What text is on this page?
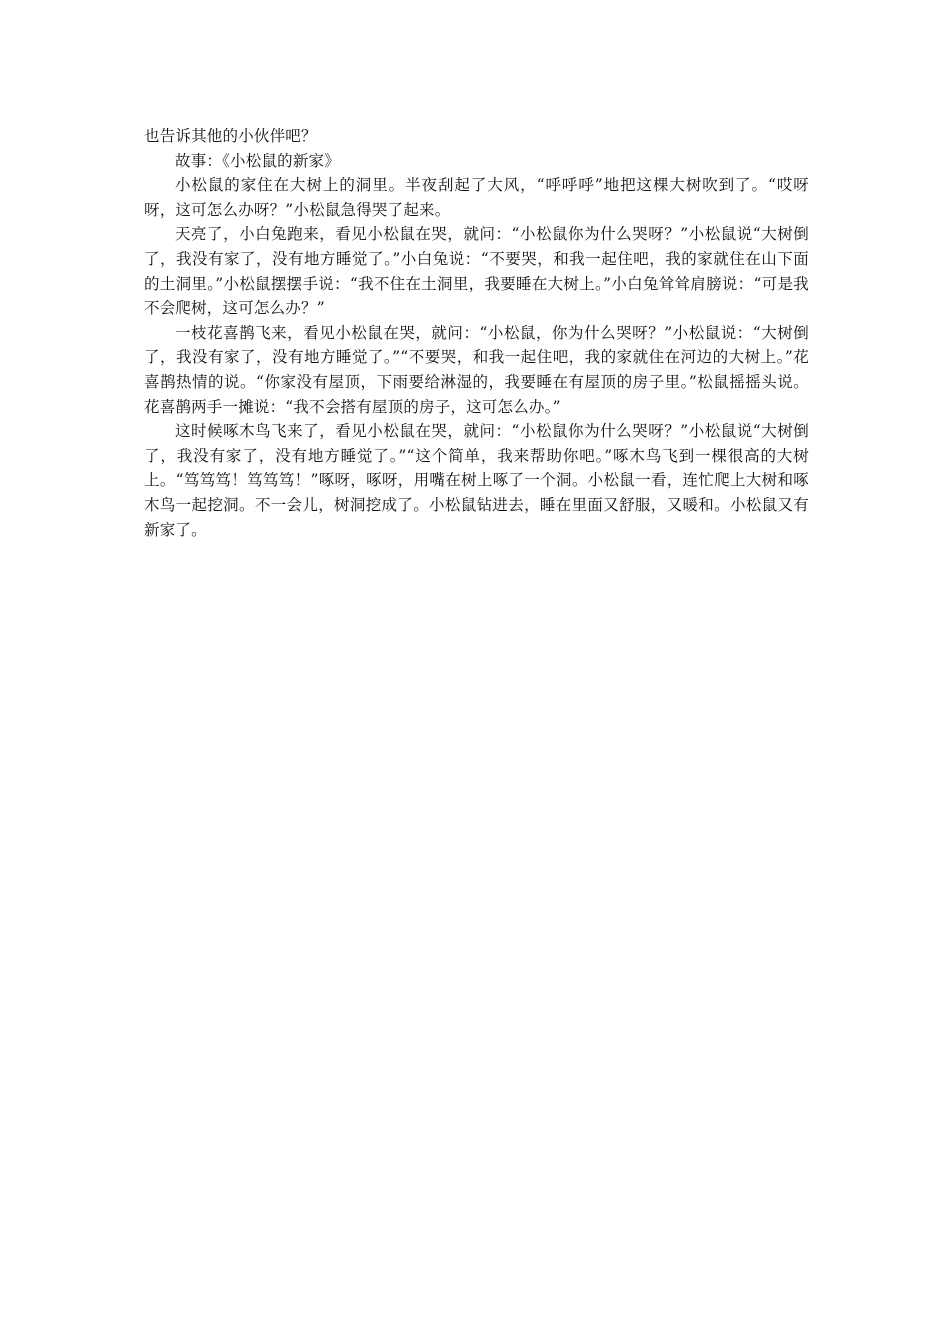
也告诉其他的小伙伴吧？

故事：《小松鼠的新家》

小松鼠的家住在大树上的洞里。半夜刮起了大风，“呼呼呼”地把这棵大树吹到了。“哎呀呀，这可怎么办呀？”小松鼠急得哭了起来。

天亮了，小白兔跑来，看见小松鼠在哭，就问：“小松鼠你为什么哭呀？”小松鼠说“大树倒了，我没有家了，没有地方睡觉了。”小白兔说：“不要哭，和我一起住吧，我的家就住在山下面的土洞里。”小松鼠摆摆手说：“我不住在土洞里，我要睡在大树上。”小白兔耸耸肩膀说：“可是我不会爬树，这可怎么办？”

一枝花喜鹊飞来，看见小松鼠在哭，就问：“小松鼠，你为什么哭呀？”小松鼠说：“大树倒了，我没有家了，没有地方睡觉了。”“不要哭，和我一起住吧，我的家就住在河边的大树上。”花喜鹊热情的说。“你家没有屋顶，下雨要给淋湿的，我要睡在有屋顶的房子里。”松鼠摇摇头说。花喜鹊两手一摊说：“我不会搭有屋顶的房子，这可怎么办。”

这时候啄木鸟飞来了，看见小松鼠在哭，就问：“小松鼠你为什么哭呀？”小松鼠说“大树倒了，我没有家了，没有地方睡觉了。”“这个简单，我来帮助你吧。”啄木鸟飞到一棵很高的大树上。“笃笃笃！笃笃笃！”啄呀，啄呀，用嘴在树上啄了一个洞。小松鼠一看，连忙爬上大树和啄木鸟一起挖洞。不一会儿，树洞挖成了。小松鼠钻进去，睡在里面又舒服，又暖和。小松鼠又有新家了。
